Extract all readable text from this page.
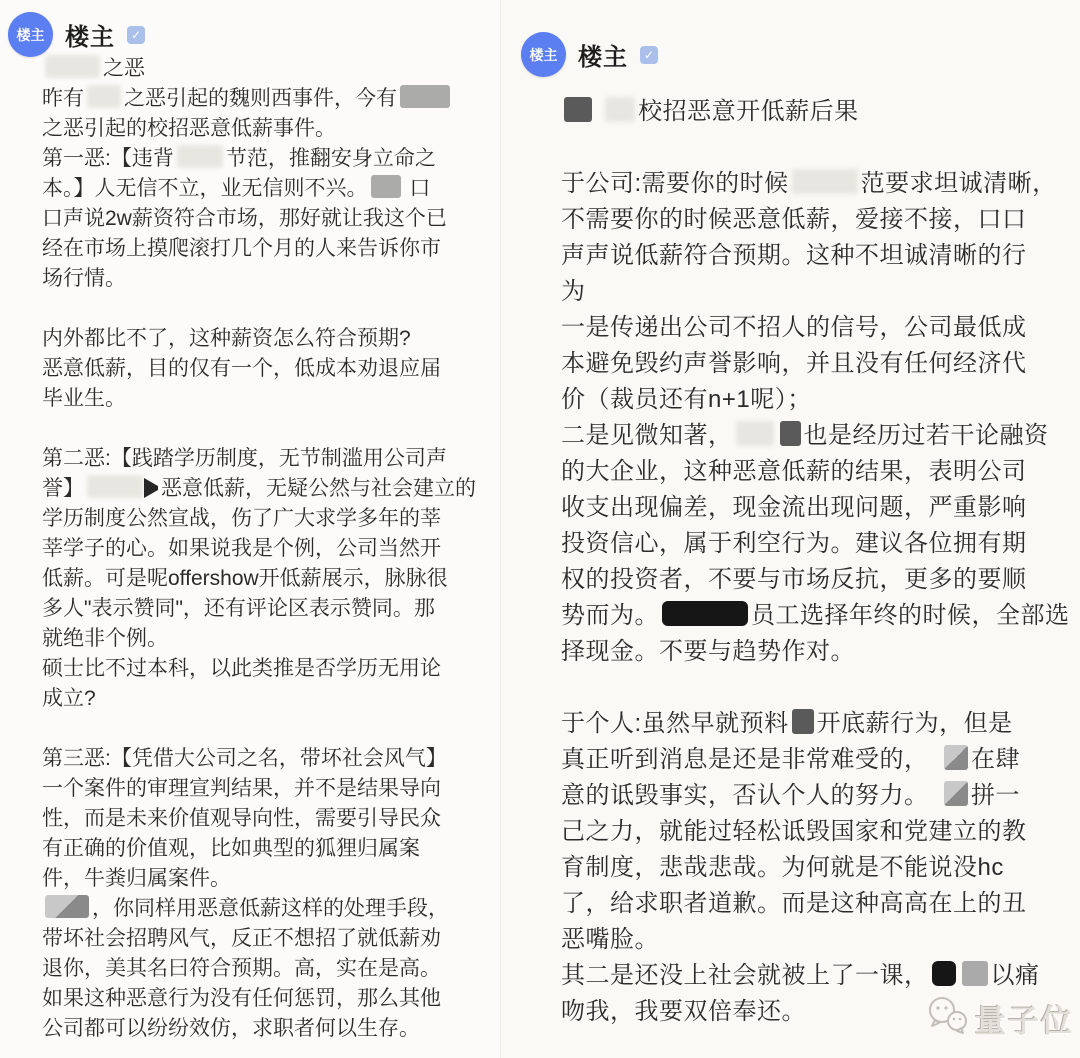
楼主 楼主	✓
之恶
昨有 之恶引起的魏则西事件，今有
之恶引起的校招恶意低薪事件。
第一恶:【违背 节范，推翻安身立命之
本。】人无信不立，业无信则不兴。 口
口声说2w薪资符合市场，那好就让我这个已
经在市场上摸爬滚打几个月的人来告诉你市
场行情。

内外都比不了，这种薪资怎么符合预期?
恶意低薪，目的仅有一个，低成本劝退应届
毕业生。

第二恶:【践踏学历制度，无节制滥用公司声
誉】	恶意低薪，无疑公然与社会建立的
学历制度公然宣战，伤了广大求学多年的莘
莘学子的心。如果说我是个例，公司当然开
低薪。可是呢offershow开低薪展示，脉脉很
多人"表示赞同"，还有评论区表示赞同。那
就绝非个例。
硕士比不过本科，以此类推是否学历无用论
成立?

第三恶:【凭借大公司之名，带坏社会风气】
一个案件的审理宣判结果，并不是结果导向
性，而是未来价值观导向性，需要引导民众
有正确的价值观，比如典型的狐狸归属案
件，牛粪归属案件。
，你同样用恶意低薪这样的处理手段，
带坏社会招聘风气，反正不想招了就低薪劝
退你，美其名曰符合预期。高，实在是高。
如果这种恶意行为没有任何惩罚，那么其他
公司都可以纷纷效仿，求职者何以生存。
楼主 楼主	✓
校招恶意开低薪后果

于公司:需要你的时候	范要求坦诚清晰，
不需要你的时候恶意低薪，爱接不接，口口
声声说低薪符合预期。这种不坦诚清晰的行
为
一是传递出公司不招人的信号，公司最低成
本避免毁约声誉影响，并且没有任何经济代
价（裁员还有n+1呢）；
二是见微知著，	也是经历过若干论融资
的大企业，这种恶意低薪的结果，表明公司
收支出现偏差，现金流出现问题，严重影响
投资信心，属于利空行为。建议各位拥有期
权的投资者，不要与市场反抗，更多的要顺
势而为。	员工选择年终的时候，全部选
择现金。不要与趋势作对。

于个人:虽然早就预料 开底薪行为，但是
真正听到消息是还是非常难受的，　 在肆
意的诋毁事实，否认个人的努力。　 拼一
己之力，就能过轻松诋毁国家和党建立的教
育制度，悲哉悲哉。为何就是不能说没hc
了，给求职者道歉。而是这种高高在上的丑
恶嘴脸。
其二是还没上社会就被上了一课，	以痛
吻我，我要双倍奉还。	量子位
